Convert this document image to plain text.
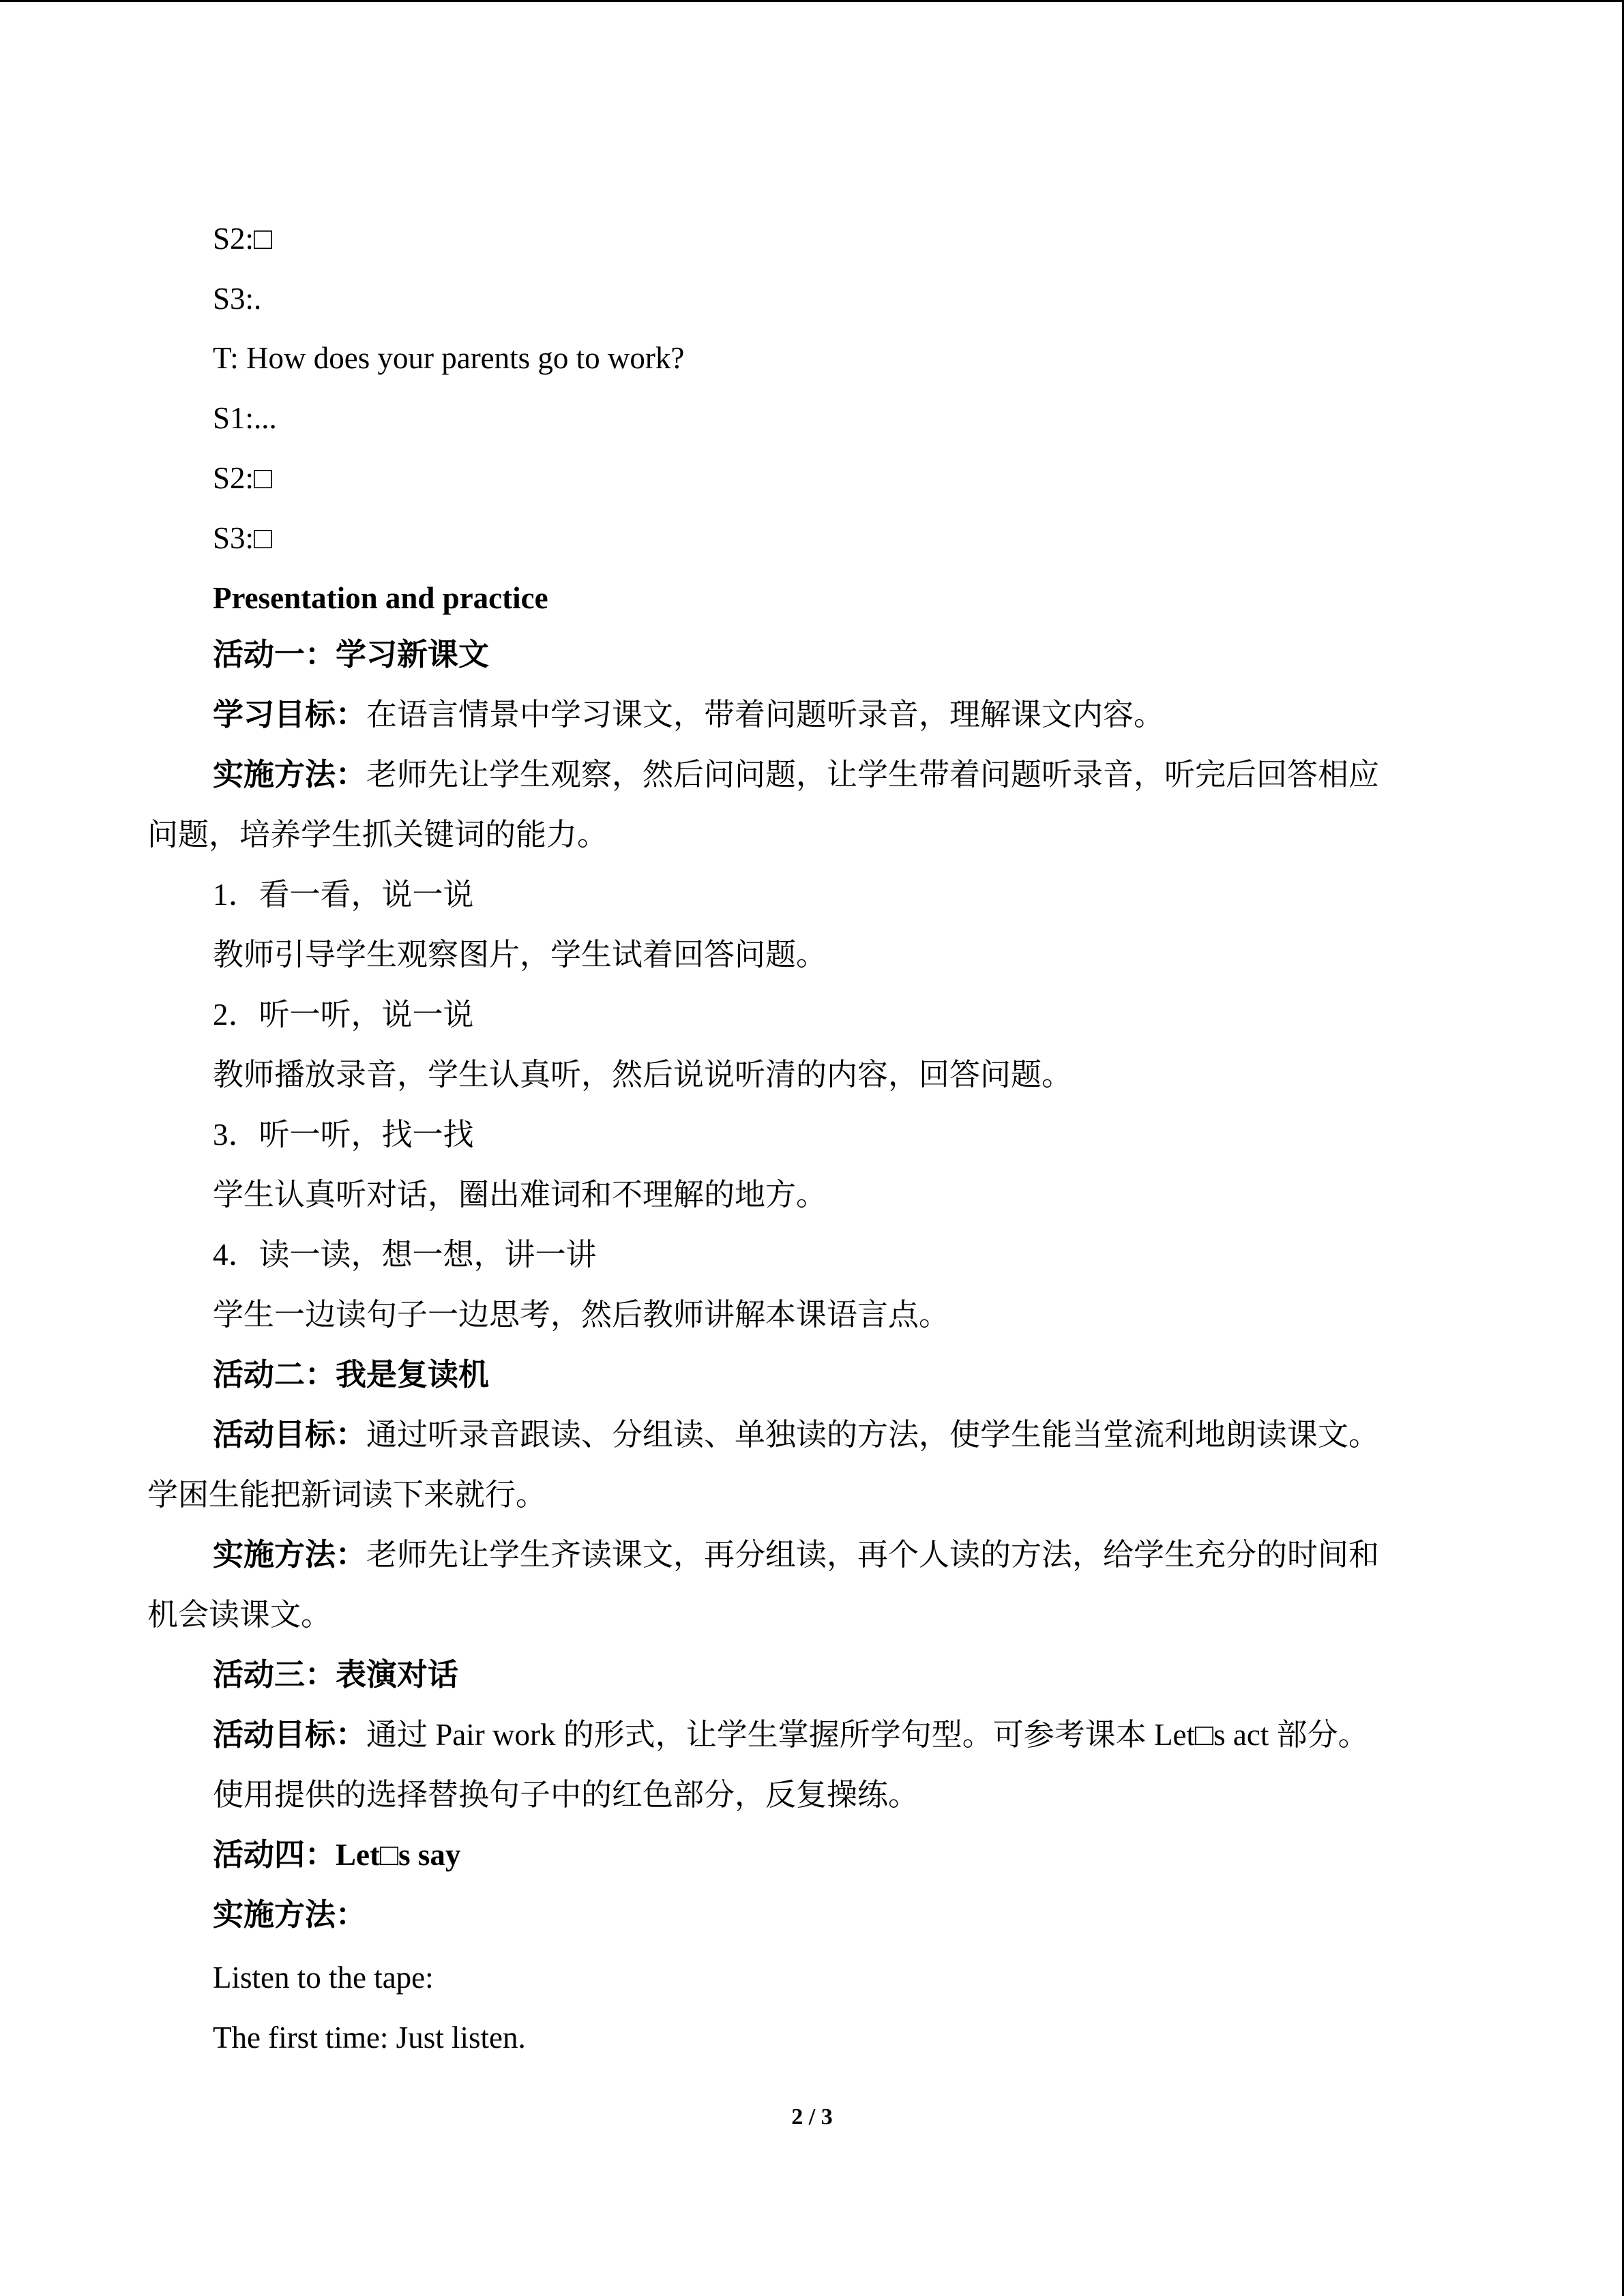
S2:□
S3:.
T: How does your parents go to work?
S1:...
S2:□
S3:□
Presentation and practice
活动一：学习新课文
学习目标：在语言情景中学习课文，带着问题听录音，理解课文内容。
实施方法：老师先让学生观察，然后问问题，让学生带着问题听录音，听完后回答相应
问题，培养学生抓关键词的能力。
1．看一看，说一说
教师引导学生观察图片，学生试着回答问题。
2．听一听，说一说
教师播放录音，学生认真听，然后说说听清的内容，回答问题。
3．听一听，找一找
学生认真听对话，圈出难词和不理解的地方。
4．读一读，想一想，讲一讲
学生一边读句子一边思考，然后教师讲解本课语言点。
活动二：我是复读机
活动目标：通过听录音跟读、分组读、单独读的方法，使学生能当堂流利地朗读课文。
学困生能把新词读下来就行。
实施方法：老师先让学生齐读课文，再分组读，再个人读的方法，给学生充分的时间和
机会读课文。
活动三：表演对话
活动目标：通过 Pair work 的形式，让学生掌握所学句型。可参考课本 Let□s act 部分。
使用提供的选择替换句子中的红色部分，反复操练。
活动四：Let□s say
实施方法：
Listen to the tape:
The first time: Just listen.
2 / 3
